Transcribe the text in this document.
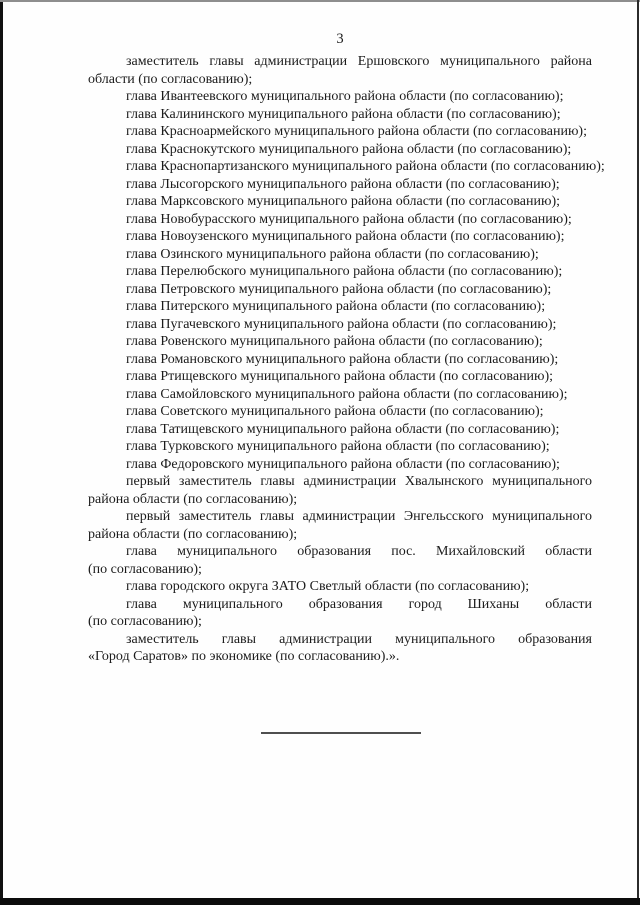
3
заместитель главы администрации Ершовского муниципального района
области (по согласованию);
глава Ивантеевского муниципального района области (по согласованию);
глава Калининского муниципального района области (по согласованию);
глава Красноармейского муниципального района области (по согласованию);
глава Краснокутского муниципального района области (по согласованию);
глава Краснопартизанского муниципального района области (по согласованию);
глава Лысогорского муниципального района области (по согласованию);
глава Марксовского муниципального района области (по согласованию);
глава Новобурасского муниципального района области (по согласованию);
глава Новоузенского муниципального района области (по согласованию);
глава Озинского муниципального района области (по согласованию);
глава Перелюбского муниципального района области (по согласованию);
глава Петровского муниципального района области (по согласованию);
глава Питерского муниципального района области (по согласованию);
глава Пугачевского муниципального района области (по согласованию);
глава Ровенского муниципального района области (по согласованию);
глава Романовского муниципального района области (по согласованию);
глава Ртищевского муниципального района области (по согласованию);
глава Самойловского муниципального района области (по согласованию);
глава Советского муниципального района области (по согласованию);
глава Татищевского муниципального района области (по согласованию);
глава Турковского муниципального района области (по согласованию);
глава Федоровского муниципального района области (по согласованию);
первый заместитель главы администрации Хвалынского муниципального
района области (по согласованию);
первый заместитель главы администрации Энгельсского муниципального
района области (по согласованию);
глава муниципального образования пос. Михайловский области
(по согласованию);
глава городского округа ЗАТО Светлый области (по согласованию);
глава муниципального образования город Шиханы области
(по согласованию);
заместитель главы администрации муниципального образования
«Город Саратов» по экономике (по согласованию).».
